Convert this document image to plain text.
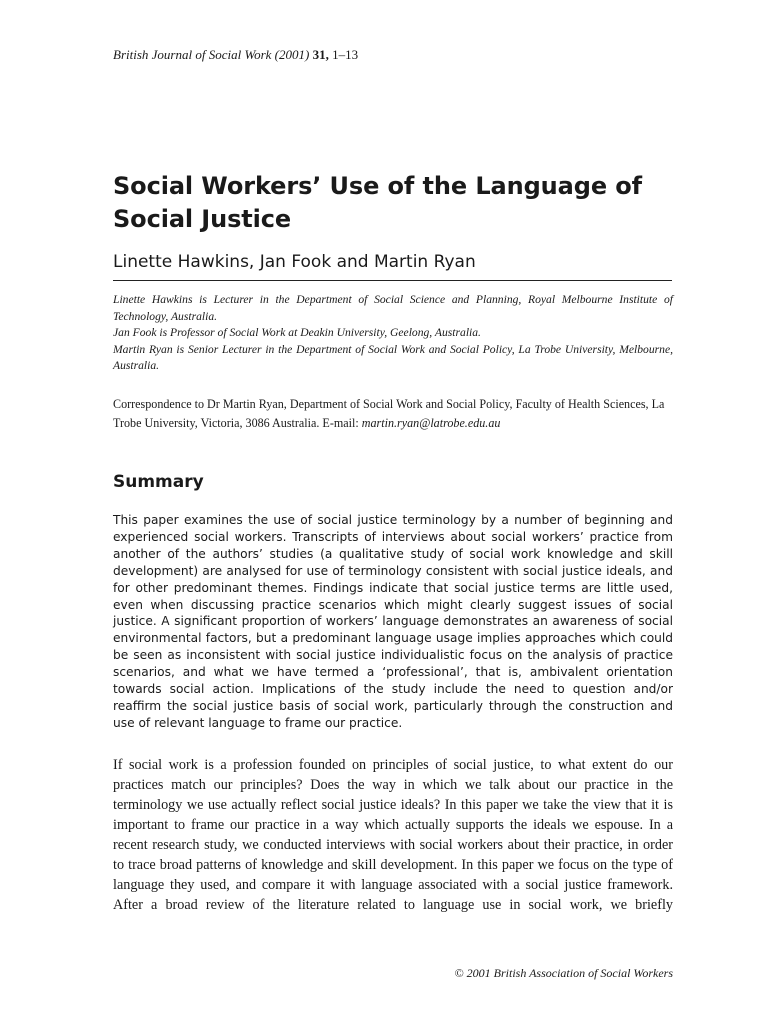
British Journal of Social Work (2001) 31, 1–13
Social Workers’ Use of the Language of Social Justice
Linette Hawkins, Jan Fook and Martin Ryan
Linette Hawkins is Lecturer in the Department of Social Science and Planning, Royal Melbourne Institute of Technology, Australia.
Jan Fook is Professor of Social Work at Deakin University, Geelong, Australia.
Martin Ryan is Senior Lecturer in the Department of Social Work and Social Policy, La Trobe University, Melbourne, Australia.
Correspondence to Dr Martin Ryan, Department of Social Work and Social Policy, Faculty of Health Sciences, La Trobe University, Victoria, 3086 Australia. E-mail: martin.ryan@latrobe.edu.au
Summary

This paper examines the use of social justice terminology by a number of beginning and experienced social workers. Transcripts of interviews about social workers’ practice from another of the authors’ studies (a qualitative study of social work knowledge and skill development) are analysed for use of terminology consistent with social justice ideals, and for other predominant themes. Findings indicate that social justice terms are little used, even when discussing practice scenarios which might clearly suggest issues of social justice. A significant proportion of workers’ language demonstrates an awareness of social environmental factors, but a predominant language usage implies approaches which could be seen as inconsistent with social justice individualistic focus on the analysis of practice scenarios, and what we have termed a ‘professional’, that is, ambivalent orientation towards social action. Implications of the study include the need to question and/or reaffirm the social justice basis of social work, particularly through the construction and use of relevant language to frame our practice.

If social work is a profession founded on principles of social justice, to what extent do our practices match our principles? Does the way in which we talk about our practice in the terminology we use actually reflect social justice ideals? In this paper we take the view that it is important to frame our practice in a way which actually supports the ideals we espouse. In a recent research study, we conducted interviews with social workers about their practice, in order to trace broad patterns of knowledge and skill development. In this paper we focus on the type of language they used, and compare it with language associated with a social justice framework. After a broad review of the literature related to language use in social work, we briefly

© 2001 British Association of Social Workers
